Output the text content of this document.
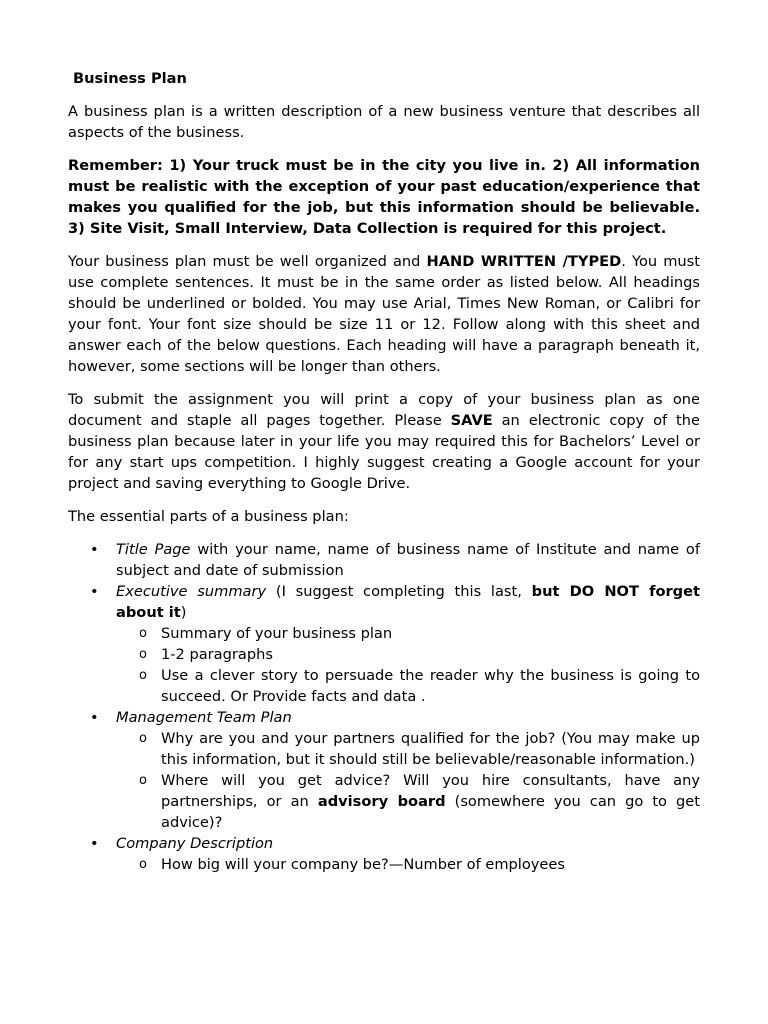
Business Plan

A business plan is a written description of a new business venture that describes all aspects of the business.

Remember: 1) Your truck must be in the city you live in. 2) All information must be realistic with the exception of your past education/experience that makes you qualified for the job, but this information should be believable. 3) Site Visit, Small Interview, Data Collection is required for this project.

Your business plan must be well organized and HAND WRITTEN /TYPED. You must use complete sentences. It must be in the same order as listed below. All headings should be underlined or bolded. You may use Arial, Times New Roman, or Calibri for your font. Your font size should be size 11 or 12. Follow along with this sheet and answer each of the below questions. Each heading will have a paragraph beneath it, however, some sections will be longer than others.

To submit the assignment you will print a copy of your business plan as one document and staple all pages together. Please SAVE an electronic copy of the business plan because later in your life you may required this for Bachelors’ Level or for any start ups competition. I highly suggest creating a Google account for your project and saving everything to Google Drive.

The essential parts of a business plan:

• Title Page with your name, name of business name of Institute and name of subject and date of submission
• Executive summary (I suggest completing this last, but DO NOT forget about it)
o Summary of your business plan
o 1-2 paragraphs
o Use a clever story to persuade the reader why the business is going to succeed. Or Provide facts and data .
• Management Team Plan
o Why are you and your partners qualified for the job? (You may make up this information, but it should still be believable/reasonable information.)
o Where will you get advice? Will you hire consultants, have any partnerships, or an advisory board (somewhere you can go to get advice)?
• Company Description
o How big will your company be?—Number of employees
